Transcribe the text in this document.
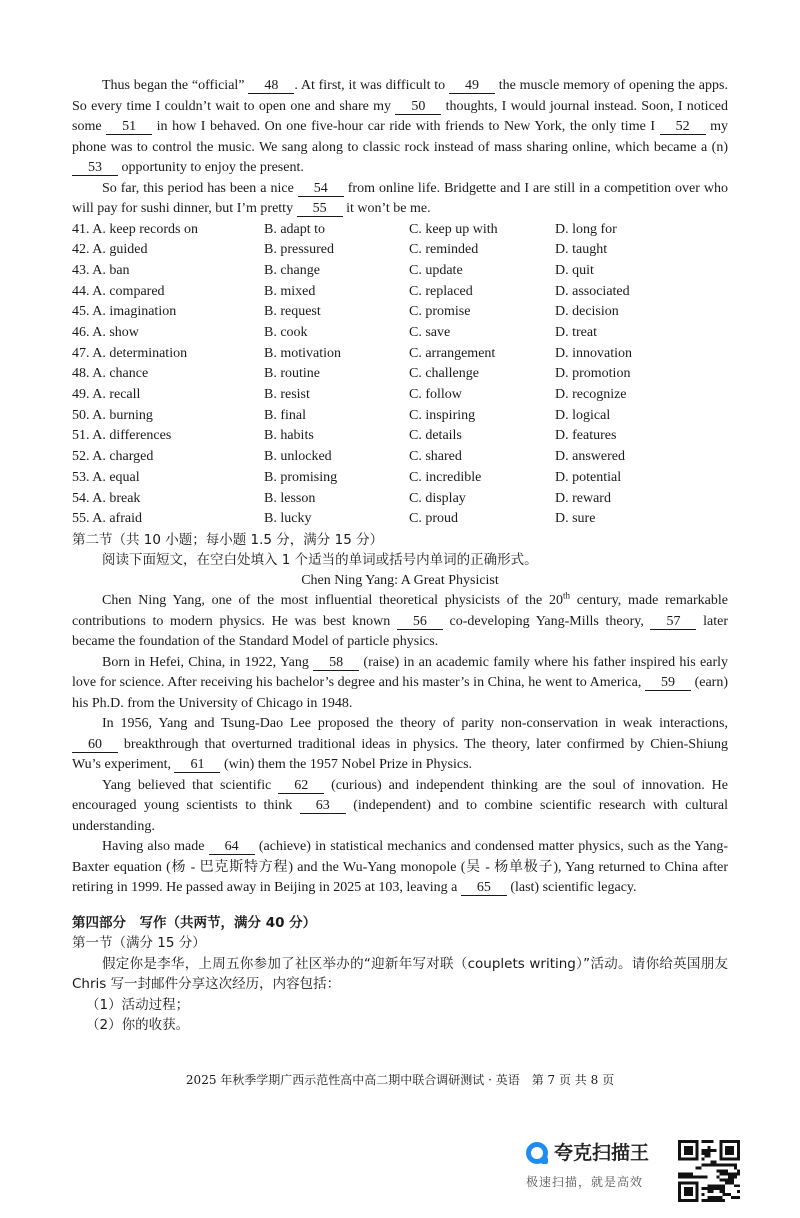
Thus began the “official” 48 . At first, it was difficult to 49 the muscle memory of opening the apps. So every time I couldn’t wait to open one and share my 50 thoughts, I would journal instead. Soon, I noticed some 51 in how I behaved. On one five-hour car ride with friends to New York, the only time I 52 my phone was to control the music. We sang along to classic rock instead of mass sharing online, which became a (n) 53 opportunity to enjoy the present.

So far, this period has been a nice 54 from online life. Bridgette and I are still in a competition over who will pay for sushi dinner, but I’m pretty 55 it won’t be me.

41. A. keep records on	B. adapt to	C. keep up with	D. long for
42. A. guided	B. pressured	C. reminded	D. taught
43. A. ban	B. change	C. update	D. quit
44. A. compared	B. mixed	C. replaced	D. associated
45. A. imagination	B. request	C. promise	D. decision
46. A. show	B. cook	C. save	D. treat
47. A. determination	B. motivation	C. arrangement	D. innovation
48. A. chance	B. routine	C. challenge	D. promotion
49. A. recall	B. resist	C. follow	D. recognize
50. A. burning	B. final	C. inspiring	D. logical
51. A. differences	B. habits	C. details	D. features
52. A. charged	B. unlocked	C. shared	D. answered
53. A. equal	B. promising	C. incredible	D. potential
54. A. break	B. lesson	C. display	D. reward
55. A. afraid	B. lucky	C. proud	D. sure

第二节（共 10 小题；每小题 1.5 分，满分 15 分）

阅读下面短文，在空白处填入 1 个适当的单词或括号内单词的正确形式。

Chen Ning Yang: A Great Physicist

Chen Ning Yang, one of the most influential theoretical physicists of the 20th century, made remarkable contributions to modern physics. He was best known 56 co-developing Yang-Mills theory, 57 later became the foundation of the Standard Model of particle physics.

Born in Hefei, China, in 1922, Yang 58 (raise) in an academic family where his father inspired his early love for science. After receiving his bachelor’s degree and his master’s in China, he went to America, 59 (earn) his Ph.D. from the University of Chicago in 1948.

In 1956, Yang and Tsung-Dao Lee proposed the theory of parity non-conservation in weak interactions, 60 breakthrough that overturned traditional ideas in physics. The theory, later confirmed by Chien-Shiung Wu’s experiment, 61 (win) them the 1957 Nobel Prize in Physics.

Yang believed that scientific 62 (curious) and independent thinking are the soul of innovation. He encouraged young scientists to think 63 (independent) and to combine scientific research with cultural understanding.

Having also made 64 (achieve) in statistical mechanics and condensed matter physics, such as the Yang-Baxter equation (杨 - 巴克斯特方程) and the Wu-Yang monopole (吴 - 杨单极子), Yang returned to China after retiring in 1999. He passed away in Beijing in 2025 at 103, leaving a 65 (last) scientific legacy.

第四部分　写作（共两节，满分 40 分）

第一节（满分 15 分）

假定你是李华，上周五你参加了社区举办的“迎新年写对联（couplets writing）”活动。请你给英国朋友 Chris 写一封邮件分享这次经历，内容包括：

（1）活动过程；

（2）你的收获。

2025 年秋季学期广西示范性高中高二期中联合调研测试 · 英语　第 7 页 共 8 页
夸克扫描王
极速扫描，就是高效
